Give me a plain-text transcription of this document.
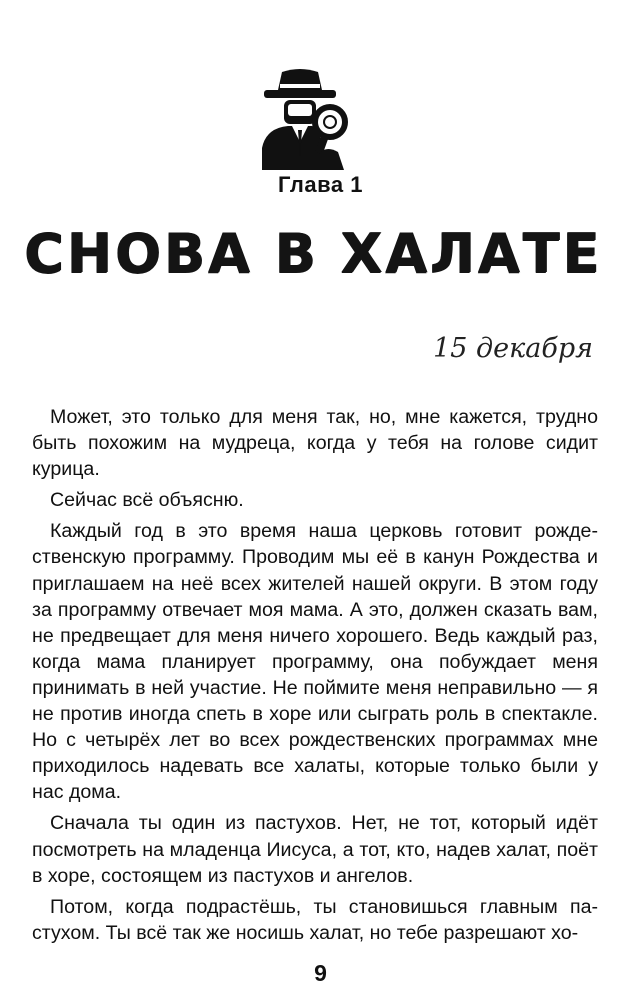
Глава 1
СНОВА В ХАЛАТЕ
15 декабря

Может, это только для меня так, но, мне кажется, трудно быть похожим на мудреца, когда у тебя на голове сидит курица.

Сейчас всё объясню.

Каждый год в это время наша церковь готовит рождественскую программу. Проводим мы её в канун Рождества и приглашаем на неё всех жителей нашей округи. В этом году за программу отвечает моя мама. А это, должен сказать вам, не предвещает для меня ничего хорошего. Ведь каждый раз, когда мама планирует программу, она побуждает меня принимать в ней участие. Не поймите меня неправильно — я не против иногда спеть в хоре или сыграть роль в спектакле. Но с четырёх лет во всех рождественских программах мне приходилось надевать все халаты, которые только были у нас дома.

Сначала ты один из пастухов. Нет, не тот, который идёт посмотреть на младенца Иисуса, а тот, кто, надев халат, поёт в хоре, состоящем из пастухов и ангелов.

Потом, когда подрастёшь, ты становишься главным пастухом. Ты всё так же носишь халат, но тебе разрешают хо-

9
